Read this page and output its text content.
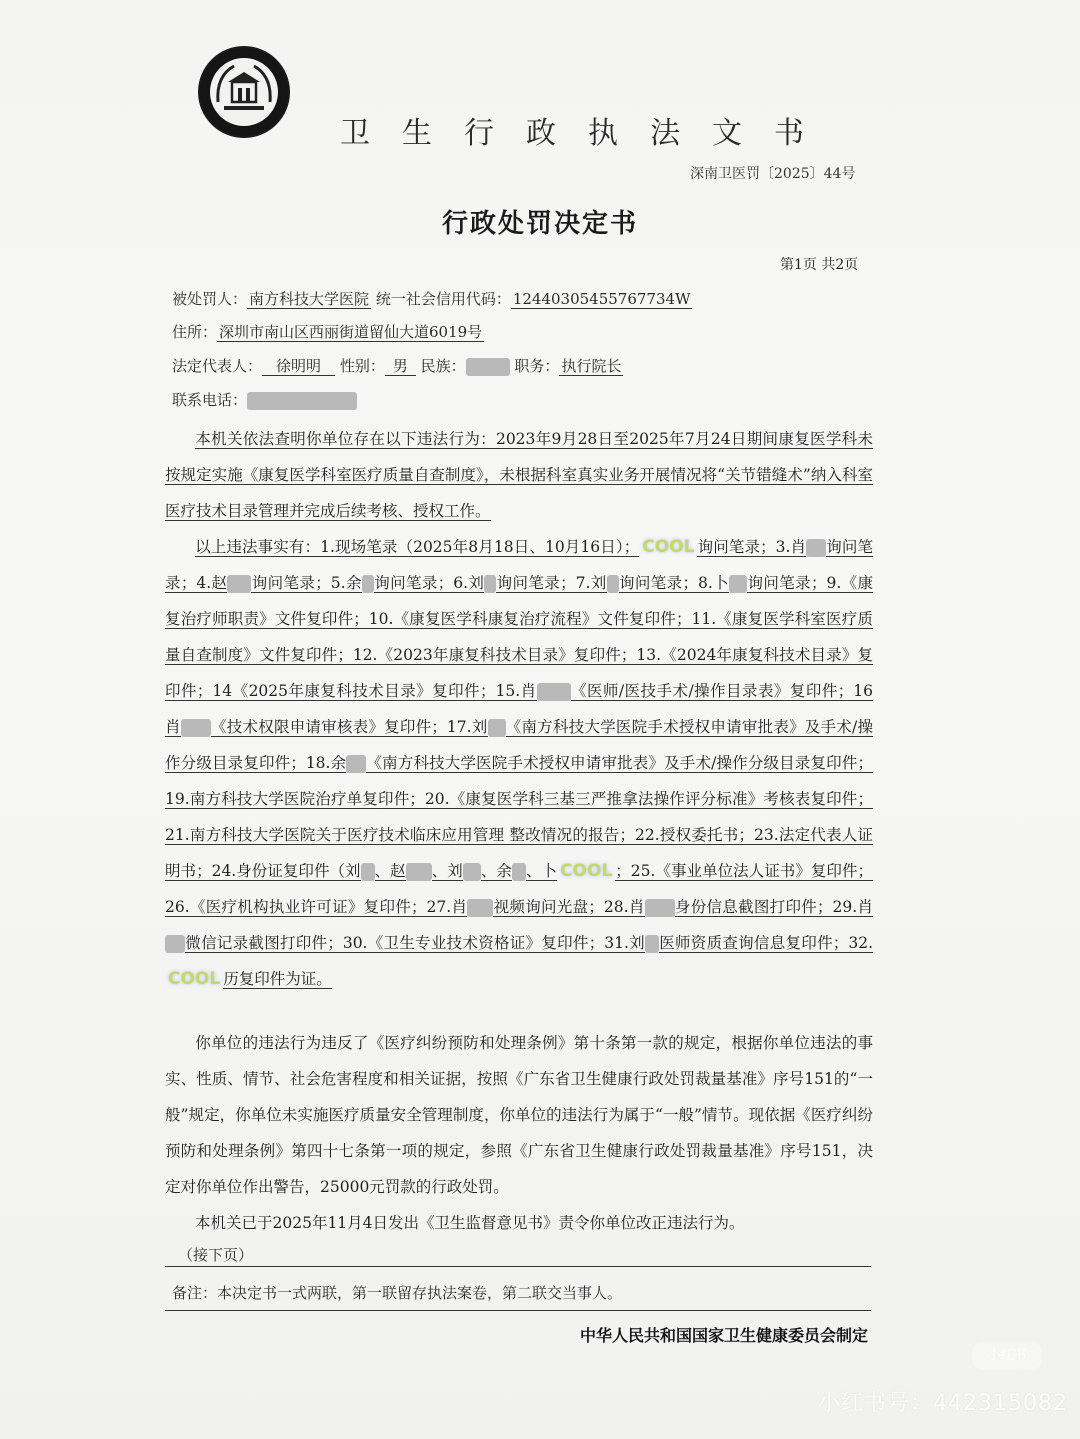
卫生行政执法文书
深南卫医罚〔2025〕44号
行政处罚决定书
第1页 共2页
被处罚人： 南方科技大学医院 统一社会信用代码： 12440305455767734W
住所： 深圳市南山区西丽街道留仙大道6019号
法定代表人： 徐明明 性别： 男 民族：	职务： 执行院长
联系电话：
本机关依法查明你单位存在以下违法行为：2023年9月28日至2025年7月24日期间康复医学科未按规定实施《康复医学科室医疗质量自查制度》，未根据科室真实业务开展情况将“关节错缝术”纳入科室医疗技术目录管理并完成后续考核、授权工作。
以上违法事实有：1.现场笔录（2025年8月18日、10月16日）； COOL 询问笔录；3.肖 询问笔录；4.赵 询问笔录；5.余 询问笔录；6.刘 询问笔录；7.刘 询问笔录；8.卜 询问笔录；9.《康复治疗师职责》文件复印件；10.《康复医学科康复治疗流程》文件复印件；11.《康复医学科室医疗质量自查制度》文件复印件；12.《2023年康复科技术目录》复印件；13.《2024年康复科技术目录》复印件；14《2025年康复科技术目录》复印件；15.肖 《医师/医技手术/操作目录表》复印件；16 肖 《技术权限申请审核表》复印件；17.刘 《南方科技大学医院手术授权申请审批表》及手术/操作分级目录复印件；18.余 《南方科技大学医院手术授权申请审批表》及手术/操作分级目录复印件；19.南方科技大学医院治疗单复印件；20.《康复医学科三基三严推拿法操作评分标准》考核表复印件；21.南方科技大学医院关于医疗技术临床应用管理 整改情况的报告；22.授权委托书；23.法定代表人证明书；24.身份证复印件（刘 、赵 、刘 、余 、卜 COOL ；25.《事业单位法人证书》复印件；26.《医疗机构执业许可证》复印件；27.肖 视频询问光盘；28.肖 身份信息截图打印件；29.肖微信记录截图打印件；30.《卫生专业技术资格证》复印件；31.刘 医师资质查询信息复印件；32.COOL 历复印件为证。
你单位的违法行为违反了《医疗纠纷预防和处理条例》第十条第一款的规定，根据你单位违法的事实、性质、情节、社会危害程度和相关证据，按照《广东省卫生健康行政处罚裁量基准》序号151的“一般”规定，你单位未实施医疗质量安全管理制度，你单位的违法行为属于“一般”情节。现依据《医疗纠纷预防和处理条例》第四十七条第一项的规定，参照《广东省卫生健康行政处罚裁量基准》序号151，决定对你单位作出警告，25000元罚款的行政处罚。
本机关已于2025年11月4日发出《卫生监督意见书》责令你单位改正违法行为。
（接下页）
备注：本决定书一式两联，第一联留存执法案卷，第二联交当事人。
中华人民共和国国家卫生健康委员会制定
小红书
小红书号：442315082
